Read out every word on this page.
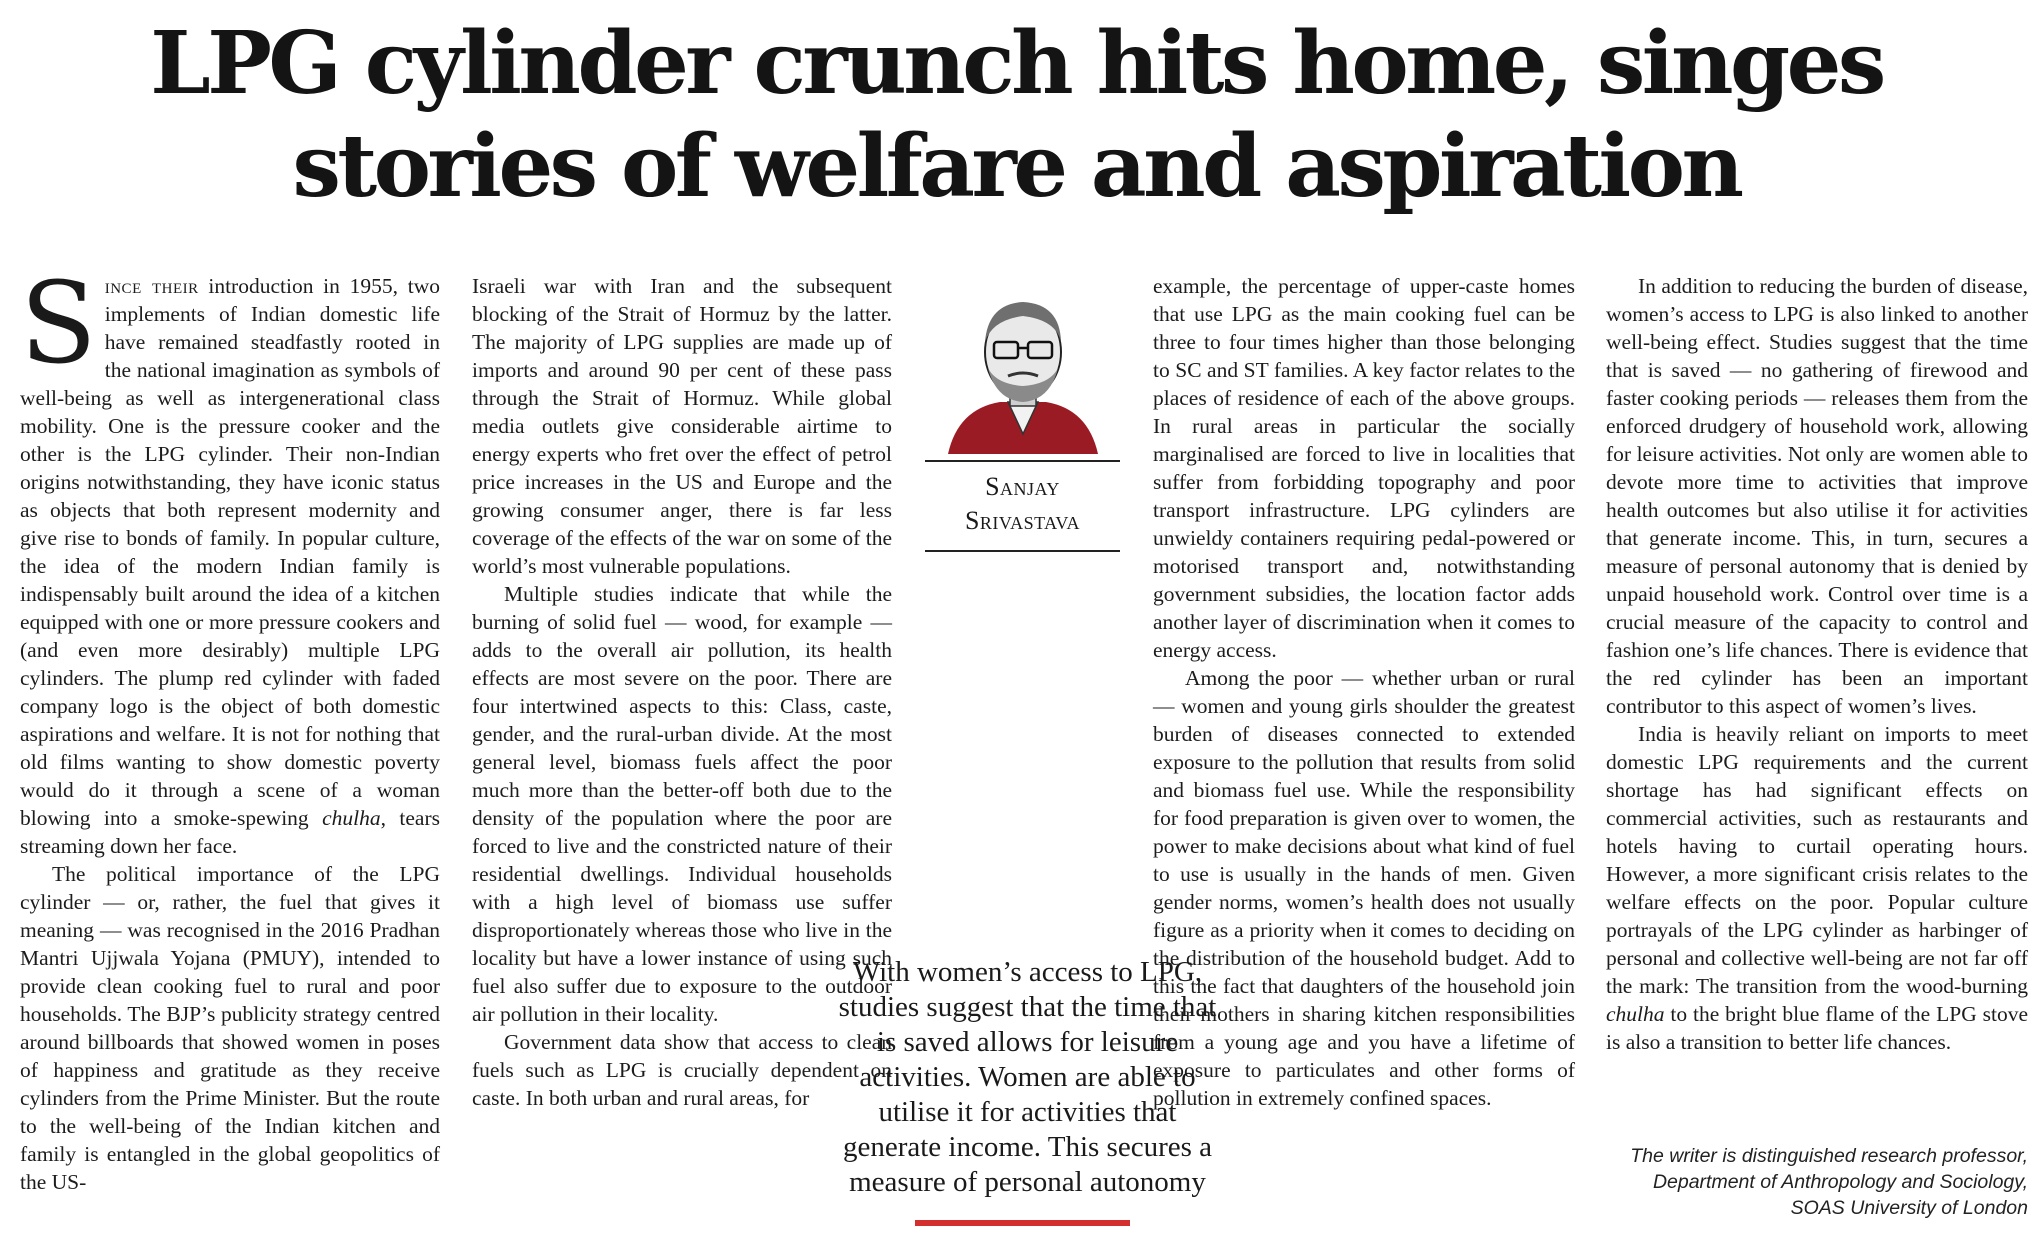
LPG cylinder crunch hits home, singes
stories of welfare and aspiration

Since their introduction in 1955, two implements of Indian domestic life have remained steadfastly rooted in the national imagination as symbols of well-being as well as intergenerational class mobility. One is the pressure cooker and the other is the LPG cylinder. Their non-Indian origins notwithstanding, they have iconic status as objects that both represent modernity and give rise to bonds of family. In popular culture, the idea of the modern Indian family is indispensably built around the idea of a kitchen equipped with one or more pressure cookers and (and even more desirably) multiple LPG cylinders. The plump red cylinder with faded company logo is the object of both domestic aspirations and welfare. It is not for nothing that old films wanting to show domestic poverty would do it through a scene of a woman blowing into a smoke-spewing chulha, tears streaming down her face.

The political importance of the LPG cylinder — or, rather, the fuel that gives it meaning — was recognised in the 2016 Pradhan Mantri Ujjwala Yojana (PMUY), intended to provide clean cooking fuel to rural and poor households. The BJP’s publicity strategy centred around billboards that showed women in poses of happiness and gratitude as they receive cylinders from the Prime Minister. But the route to the well-being of the Indian kitchen and family is entangled in the global geopolitics of the US-

Israeli war with Iran and the subsequent blocking of the Strait of Hormuz by the latter. The majority of LPG supplies are made up of imports and around 90 per cent of these pass through the Strait of Hormuz. While global media outlets give considerable airtime to energy experts who fret over the effect of petrol price increases in the US and Europe and the growing consumer anger, there is far less coverage of the effects of the war on some of the world’s most vulnerable populations.

Multiple studies indicate that while the burning of solid fuel — wood, for example — adds to the overall air pollution, its health effects are most severe on the poor. There are four intertwined aspects to this: Class, caste, gender, and the rural-urban divide. At the most general level, biomass fuels affect the poor much more than the better-off both due to the density of the population where the poor are forced to live and the constricted nature of their residential dwellings. Individual households with a high level of biomass use suffer disproportionately whereas those who live in the locality but have a lower instance of using such fuel also suffer due to exposure to the outdoor air pollution in their locality.

Government data show that access to clean fuels such as LPG is crucially dependent on caste. In both urban and rural areas, for

Sanjay
Srivastava

example, the percentage of upper-caste homes that use LPG as the main cooking fuel can be three to four times higher than those belonging to SC and ST families. A key factor relates to the places of residence of each of the above groups. In rural areas in particular the socially marginalised are forced to live in localities that suffer from forbidding topography and poor transport infrastructure. LPG cylinders are unwieldy containers requiring pedal-powered or motorised transport and, notwithstanding government subsidies, the location factor adds another layer of discrimination when it comes to energy access.

Among the poor — whether urban or rural — women and young girls shoulder the greatest burden of diseases connected to extended exposure to the pollution that results from solid and biomass fuel use. While the responsibility for food preparation is given over to women, the power to make decisions about what kind of fuel to use is usually in the hands of men. Given gender norms, women’s health does not usually figure as a priority when it comes to deciding on the distribution of the household budget. Add to this the fact that daughters of the household join their mothers in sharing kitchen responsibilities from a young age and you have a lifetime of exposure to particulates and other forms of pollution in extremely confined spaces.

In addition to reducing the burden of disease, women’s access to LPG is also linked to another well-being effect. Studies suggest that the time that is saved — no gathering of firewood and faster cooking periods — releases them from the enforced drudgery of household work, allowing for leisure activities. Not only are women able to devote more time to activities that improve health outcomes but also utilise it for activities that generate income. This, in turn, secures a measure of personal autonomy that is denied by unpaid household work. Control over time is a crucial measure of the capacity to control and fashion one’s life chances. There is evidence that the red cylinder has been an important contributor to this aspect of women’s lives.

India is heavily reliant on imports to meet domestic LPG requirements and the current shortage has had significant effects on commercial activities, such as restaurants and hotels having to curtail operating hours. However, a more significant crisis relates to the welfare effects on the poor. Popular culture portrayals of the LPG cylinder as harbinger of personal and collective well-being are not far off the mark: The transition from the wood-burning chulha to the bright blue flame of the LPG stove is also a transition to better life chances.

With women’s access to LPG, studies suggest that the time that is saved allows for leisure activities. Women are able to utilise it for activities that generate income. This secures a measure of personal autonomy
The writer is distinguished research professor,
Department of Anthropology and Sociology,
SOAS University of London
